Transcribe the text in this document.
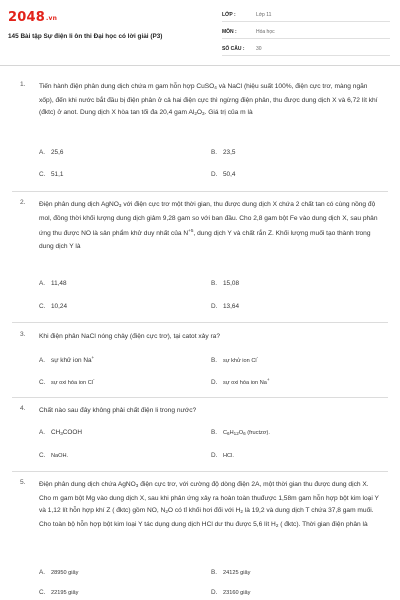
2048.vn
145 Bài tập Sự điện li ôn thi Đại học có lời giải (P3)
LỚP :	Lớp 11
MÔN :	Hóa học
SỐ CÂU : 30
1. Tiến hành điện phân dung dịch chứa m gam hỗn hợp CuSO$_4$ và NaCl (hiệu suất 100%, điện cực trơ, màng ngăn xốp), đến khi nước bắt đầu bị điện phân ở cả hai điện cực thì ngừng điện phân, thu được dung dịch X và 6,72 lít khí (đktc) ở anot. Dung dịch X hòa tan tối đa 20,4 gam $Al_2O_3$. Giá trị của m là
A. 25,6	B. 23,5
C. 51,1	D. 50,4
2. Điện phân dung dịch AgNO$_3$ với điện cực trơ một thời gian, thu được dung dịch X chứa 2 chất tan có cùng nồng độ mol, đồng thời khối lượng dung dịch giảm 9,28 gam so với ban đầu. Cho 2,8 gam bột Fe vào dung dịch X, sau phản ứng thu được NO là sản phẩm khử duy nhất của $N^{+5}$, dung dịch Y và chất rắn Z. Khối lượng muối tạo thành trong dung dịch Y là
A. 11,48	B. 15,08
C. 10,24	D. 13,64
3. Khi điện phân NaCl nóng chảy (điện cực trơ), tại catot xảy ra?
A. sự khử ion Na+	B. sự khử ion Cl-
C. sự oxi hóa ion Cl-	D. sự oxi hóa ion Na+
4. Chất nào sau đây không phải chất điện li trong nước?
A. $CH_3COOH$	B. $C_6H_{12}O_6$ (fructzơ).
C. NaOH.	D. HCl.
5. Điện phân dung dịch chứa AgNO$_3$ điện cực trơ, với cường độ dòng điện 2A, một thời gian thu được dung dịch X. Cho m gam bột Mg vào dung dịch X, sau khi phản ứng xảy ra hoàn toàn thuđược 1,58m gam hỗn hợp bột kim loại Y và 1,12 lít hỗn hợp khí Z ( đktc) gồm NO, $N_2O$ có tỉ khối hơi đối với $H_2$ là 19,2 và dung dịch T chứa 37,8 gam muối. Cho toàn bộ hỗn hợp bột kim loại Y tác dụng dung dịch HCl dư thu được 5,6 lít $H_2$ ( đktc). Thời gian điện phân là
A. 28950 giây	B. 24125 giây
C. 22195 giây	D. 23160 giây
